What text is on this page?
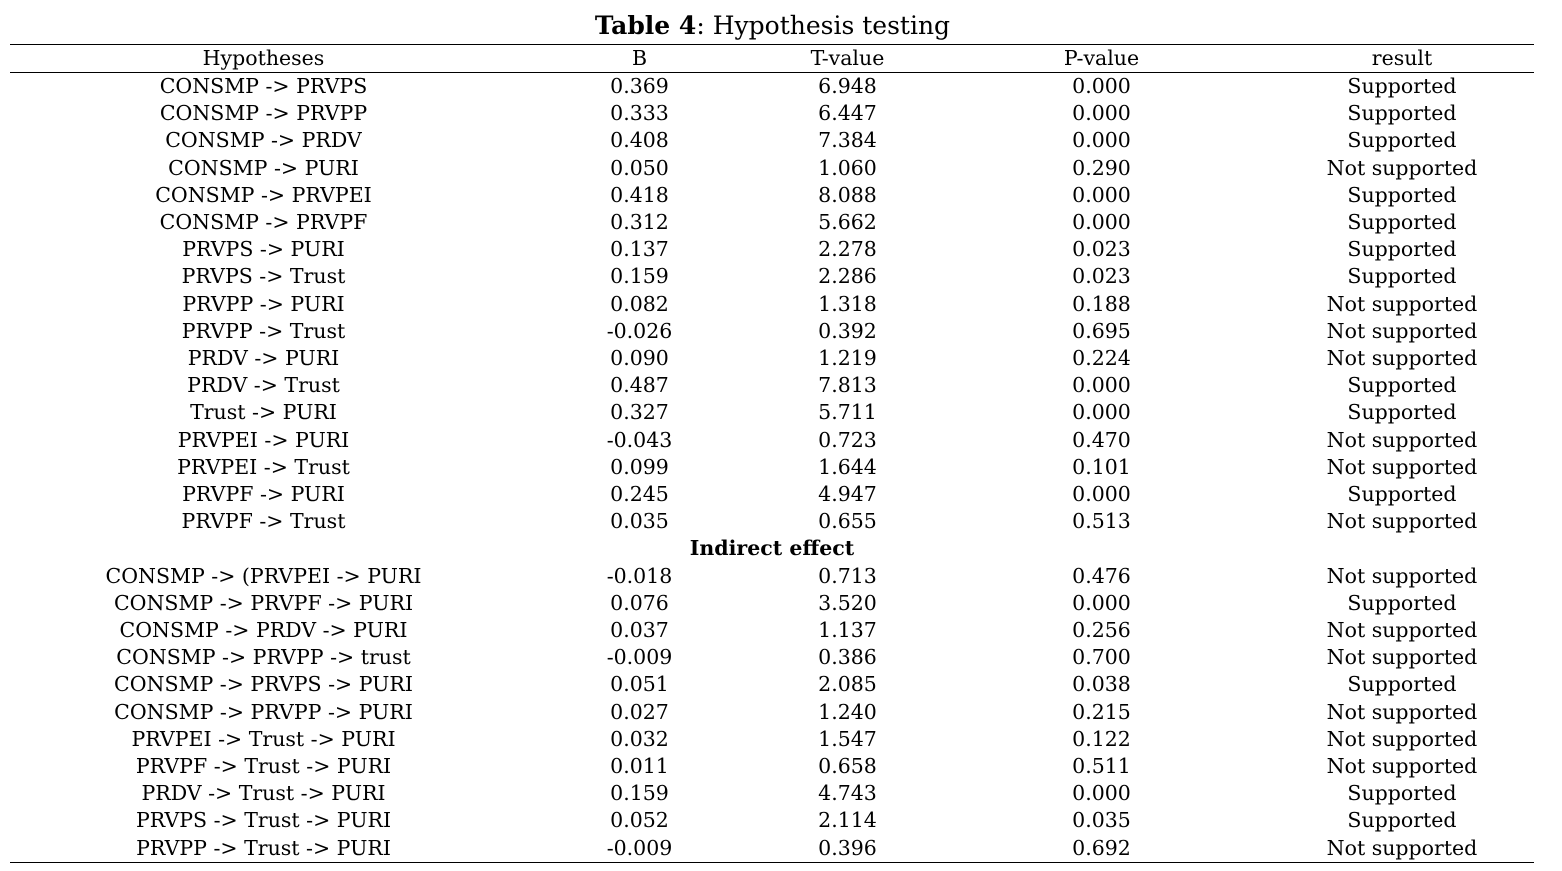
Table 4: Hypothesis testing
Hypotheses	B	T-value	P-value	result
CONSMP -> PRVPS	0.369	6.948	0.000	Supported
CONSMP -> PRVPP	0.333	6.447	0.000	Supported
CONSMP -> PRDV	0.408	7.384	0.000	Supported
CONSMP -> PURI	0.050	1.060	0.290	Not supported
CONSMP -> PRVPEI	0.418	8.088	0.000	Supported
CONSMP -> PRVPF	0.312	5.662	0.000	Supported
PRVPS -> PURI	0.137	2.278	0.023	Supported
PRVPS -> Trust	0.159	2.286	0.023	Supported
PRVPP -> PURI	0.082	1.318	0.188	Not supported
PRVPP -> Trust	-0.026	0.392	0.695	Not supported
PRDV -> PURI	0.090	1.219	0.224	Not supported
PRDV -> Trust	0.487	7.813	0.000	Supported
Trust -> PURI	0.327	5.711	0.000	Supported
PRVPEI -> PURI	-0.043	0.723	0.470	Not supported
PRVPEI -> Trust	0.099	1.644	0.101	Not supported
PRVPF -> PURI	0.245	4.947	0.000	Supported
PRVPF -> Trust	0.035	0.655	0.513	Not supported
Indirect effect				
CONSMP -> (PRVPEI -> PURI	-0.018	0.713	0.476	Not supported
CONSMP -> PRVPF -> PURI	0.076	3.520	0.000	Supported
CONSMP -> PRDV -> PURI	0.037	1.137	0.256	Not supported
CONSMP -> PRVPP -> trust	-0.009	0.386	0.700	Not supported
CONSMP -> PRVPS -> PURI	0.051	2.085	0.038	Supported
CONSMP -> PRVPP -> PURI	0.027	1.240	0.215	Not supported
PRVPEI -> Trust -> PURI	0.032	1.547	0.122	Not supported
PRVPF -> Trust -> PURI	0.011	0.658	0.511	Not supported
PRDV -> Trust -> PURI	0.159	4.743	0.000	Supported
PRVPS -> Trust -> PURI	0.052	2.114	0.035	Supported
PRVPP -> Trust -> PURI	-0.009	0.396	0.692	Not supported
